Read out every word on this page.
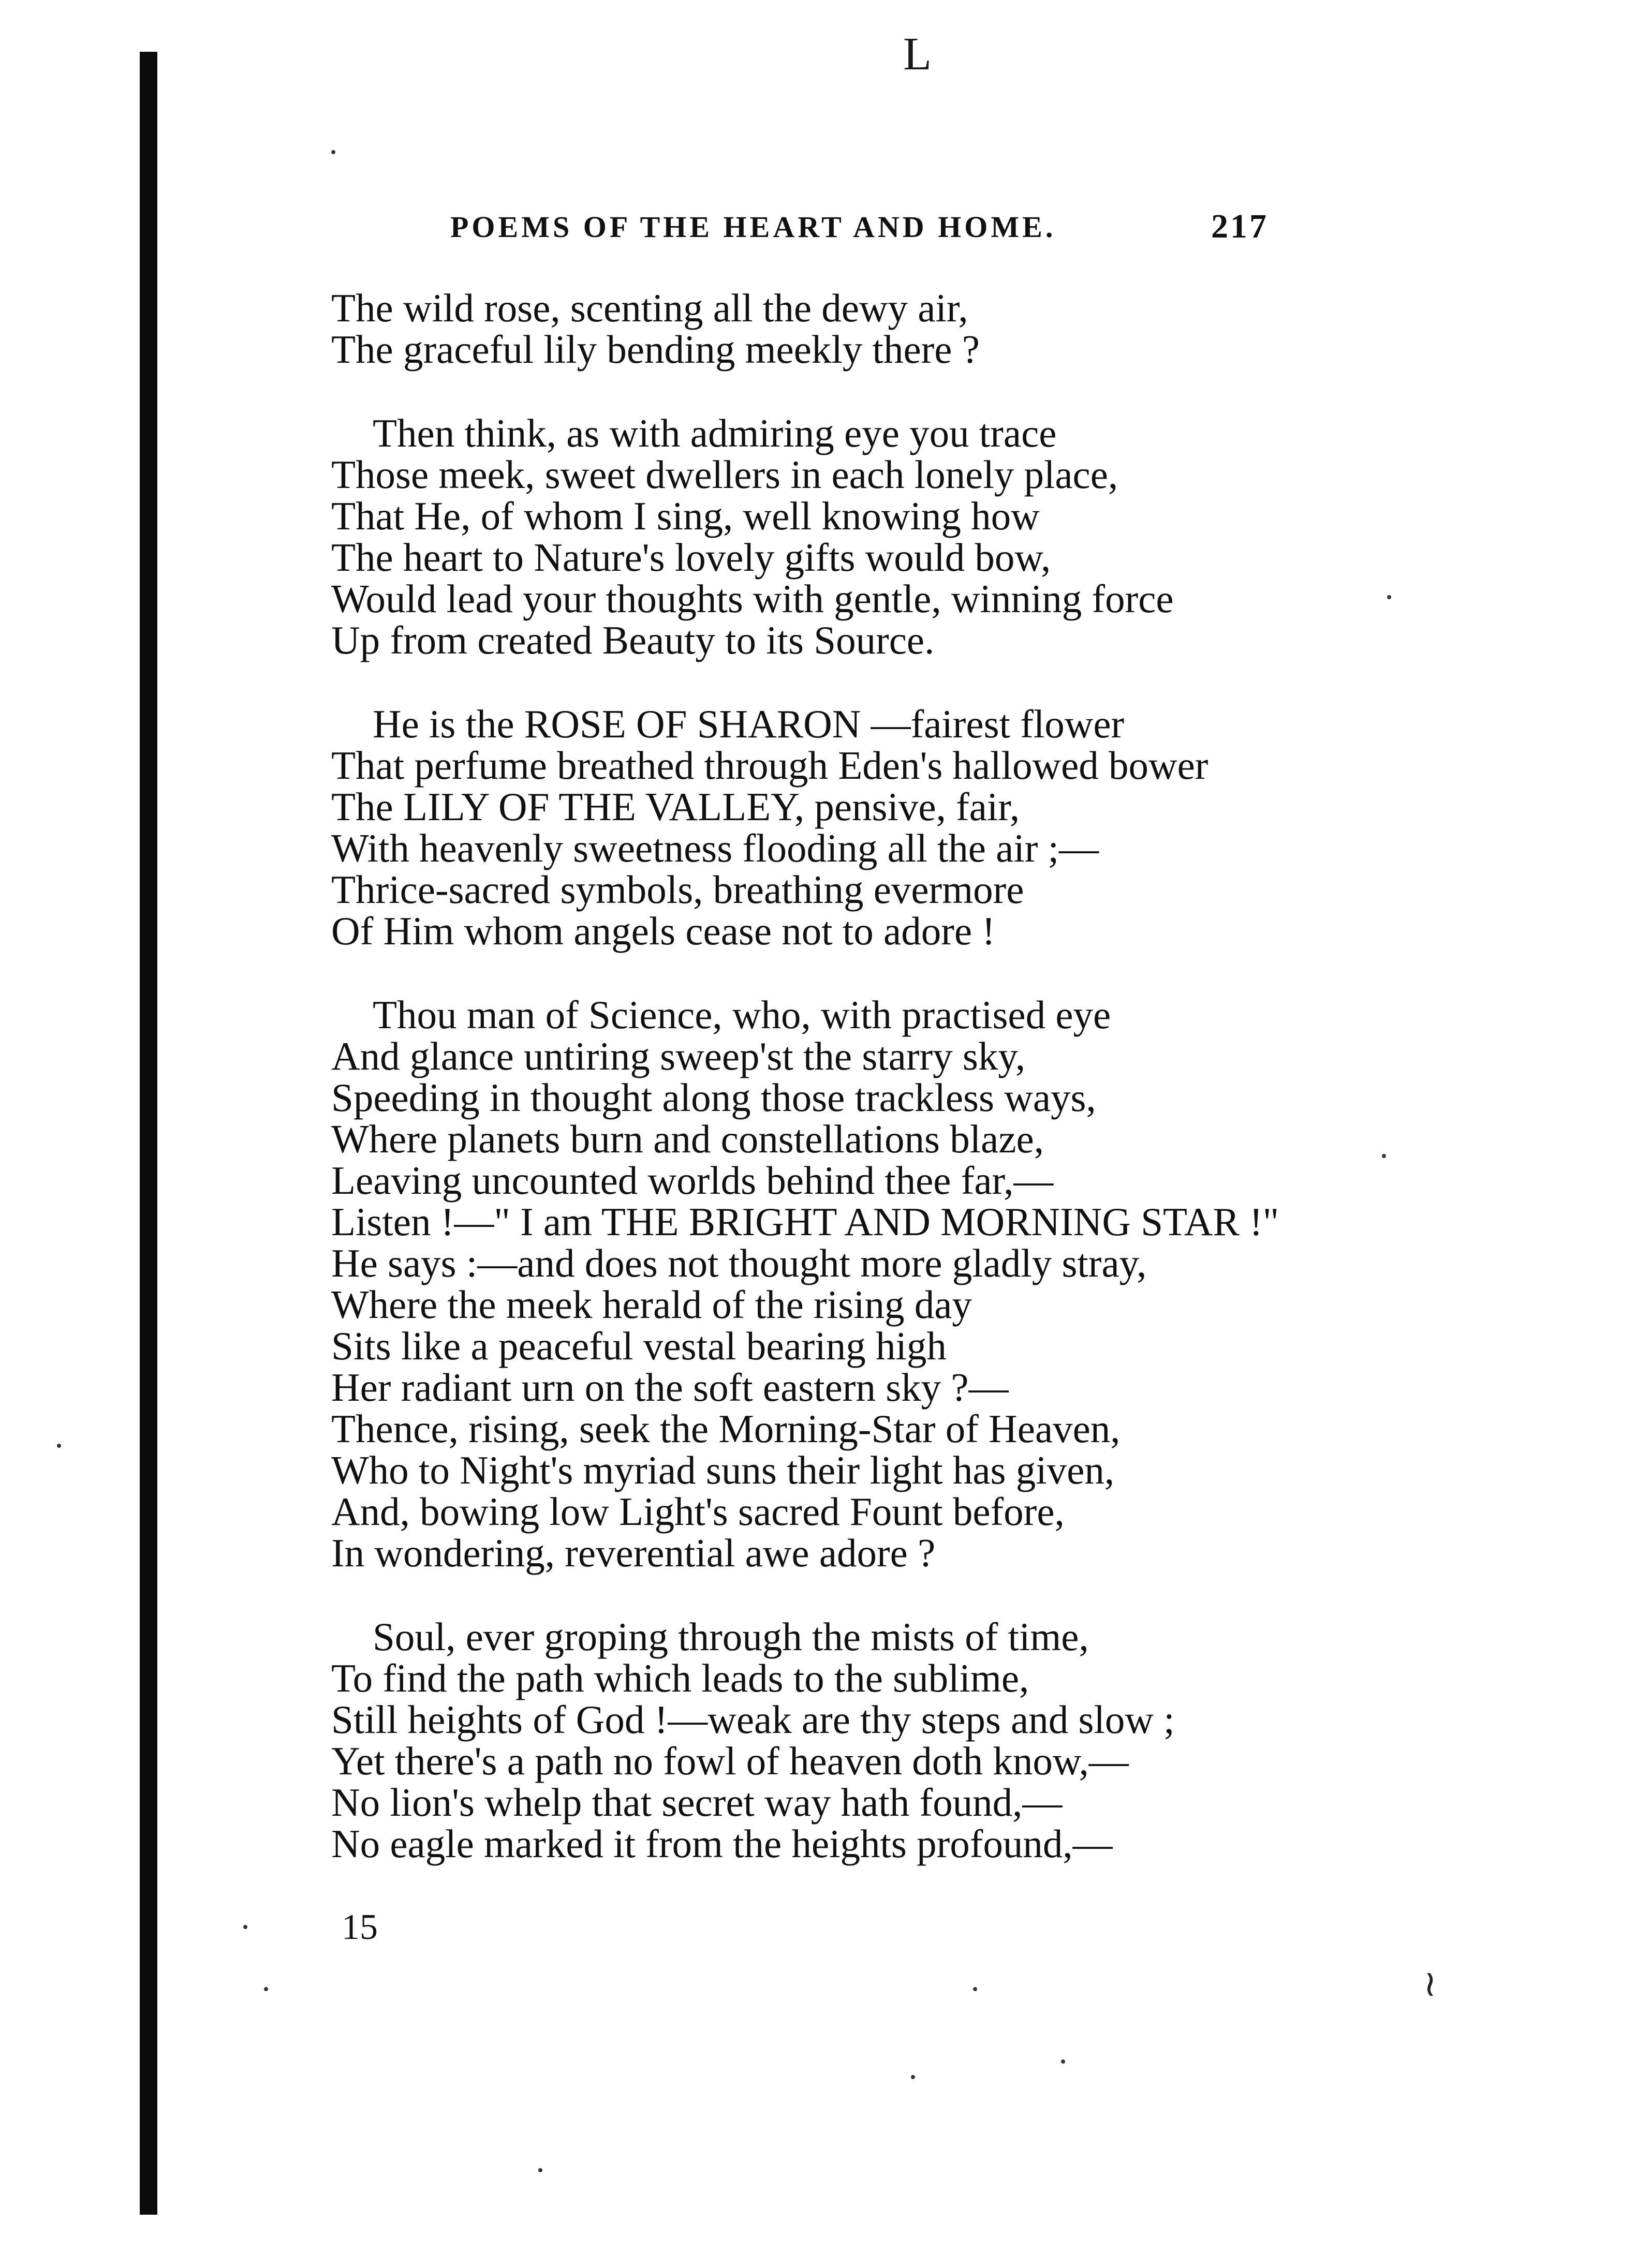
L
POEMS OF THE HEART AND HOME.	217
The wild rose, scenting all the dewy air,
The graceful lily bending meekly there ?
Then think, as with admiring eye you trace
Those meek, sweet dwellers in each lonely place,
That He, of whom I sing, well knowing how
The heart to Nature's lovely gifts would bow,
Would lead your thoughts with gentle, winning force
Up from created Beauty to its Source.
He is the ROSE OF SHARON —fairest flower
That perfume breathed through Eden's hallowed bower
The LILY OF THE VALLEY, pensive, fair,
With heavenly sweetness flooding all the air ;—
Thrice-sacred symbols, breathing evermore
Of Him whom angels cease not to adore !
Thou man of Science, who, with practised eye
And glance untiring sweep'st the starry sky,
Speeding in thought along those trackless ways,
Where planets burn and constellations blaze,
Leaving uncounted worlds behind thee far,—
Listen !—" I am THE BRIGHT AND MORNING STAR !"
He says :—and does not thought more gladly stray,
Where the meek herald of the rising day
Sits like a peaceful vestal bearing high
Her radiant urn on the soft eastern sky ?—
Thence, rising, seek the Morning-Star of Heaven,
Who to Night's myriad suns their light has given,
And, bowing low Light's sacred Fount before,
In wondering, reverential awe adore ?
Soul, ever groping through the mists of time,
To find the path which leads to the sublime,
Still heights of God !—weak are thy steps and slow ;
Yet there's a path no fowl of heaven doth know,—
No lion's whelp that secret way hath found,—
No eagle marked it from the heights profound,—
15
≀
